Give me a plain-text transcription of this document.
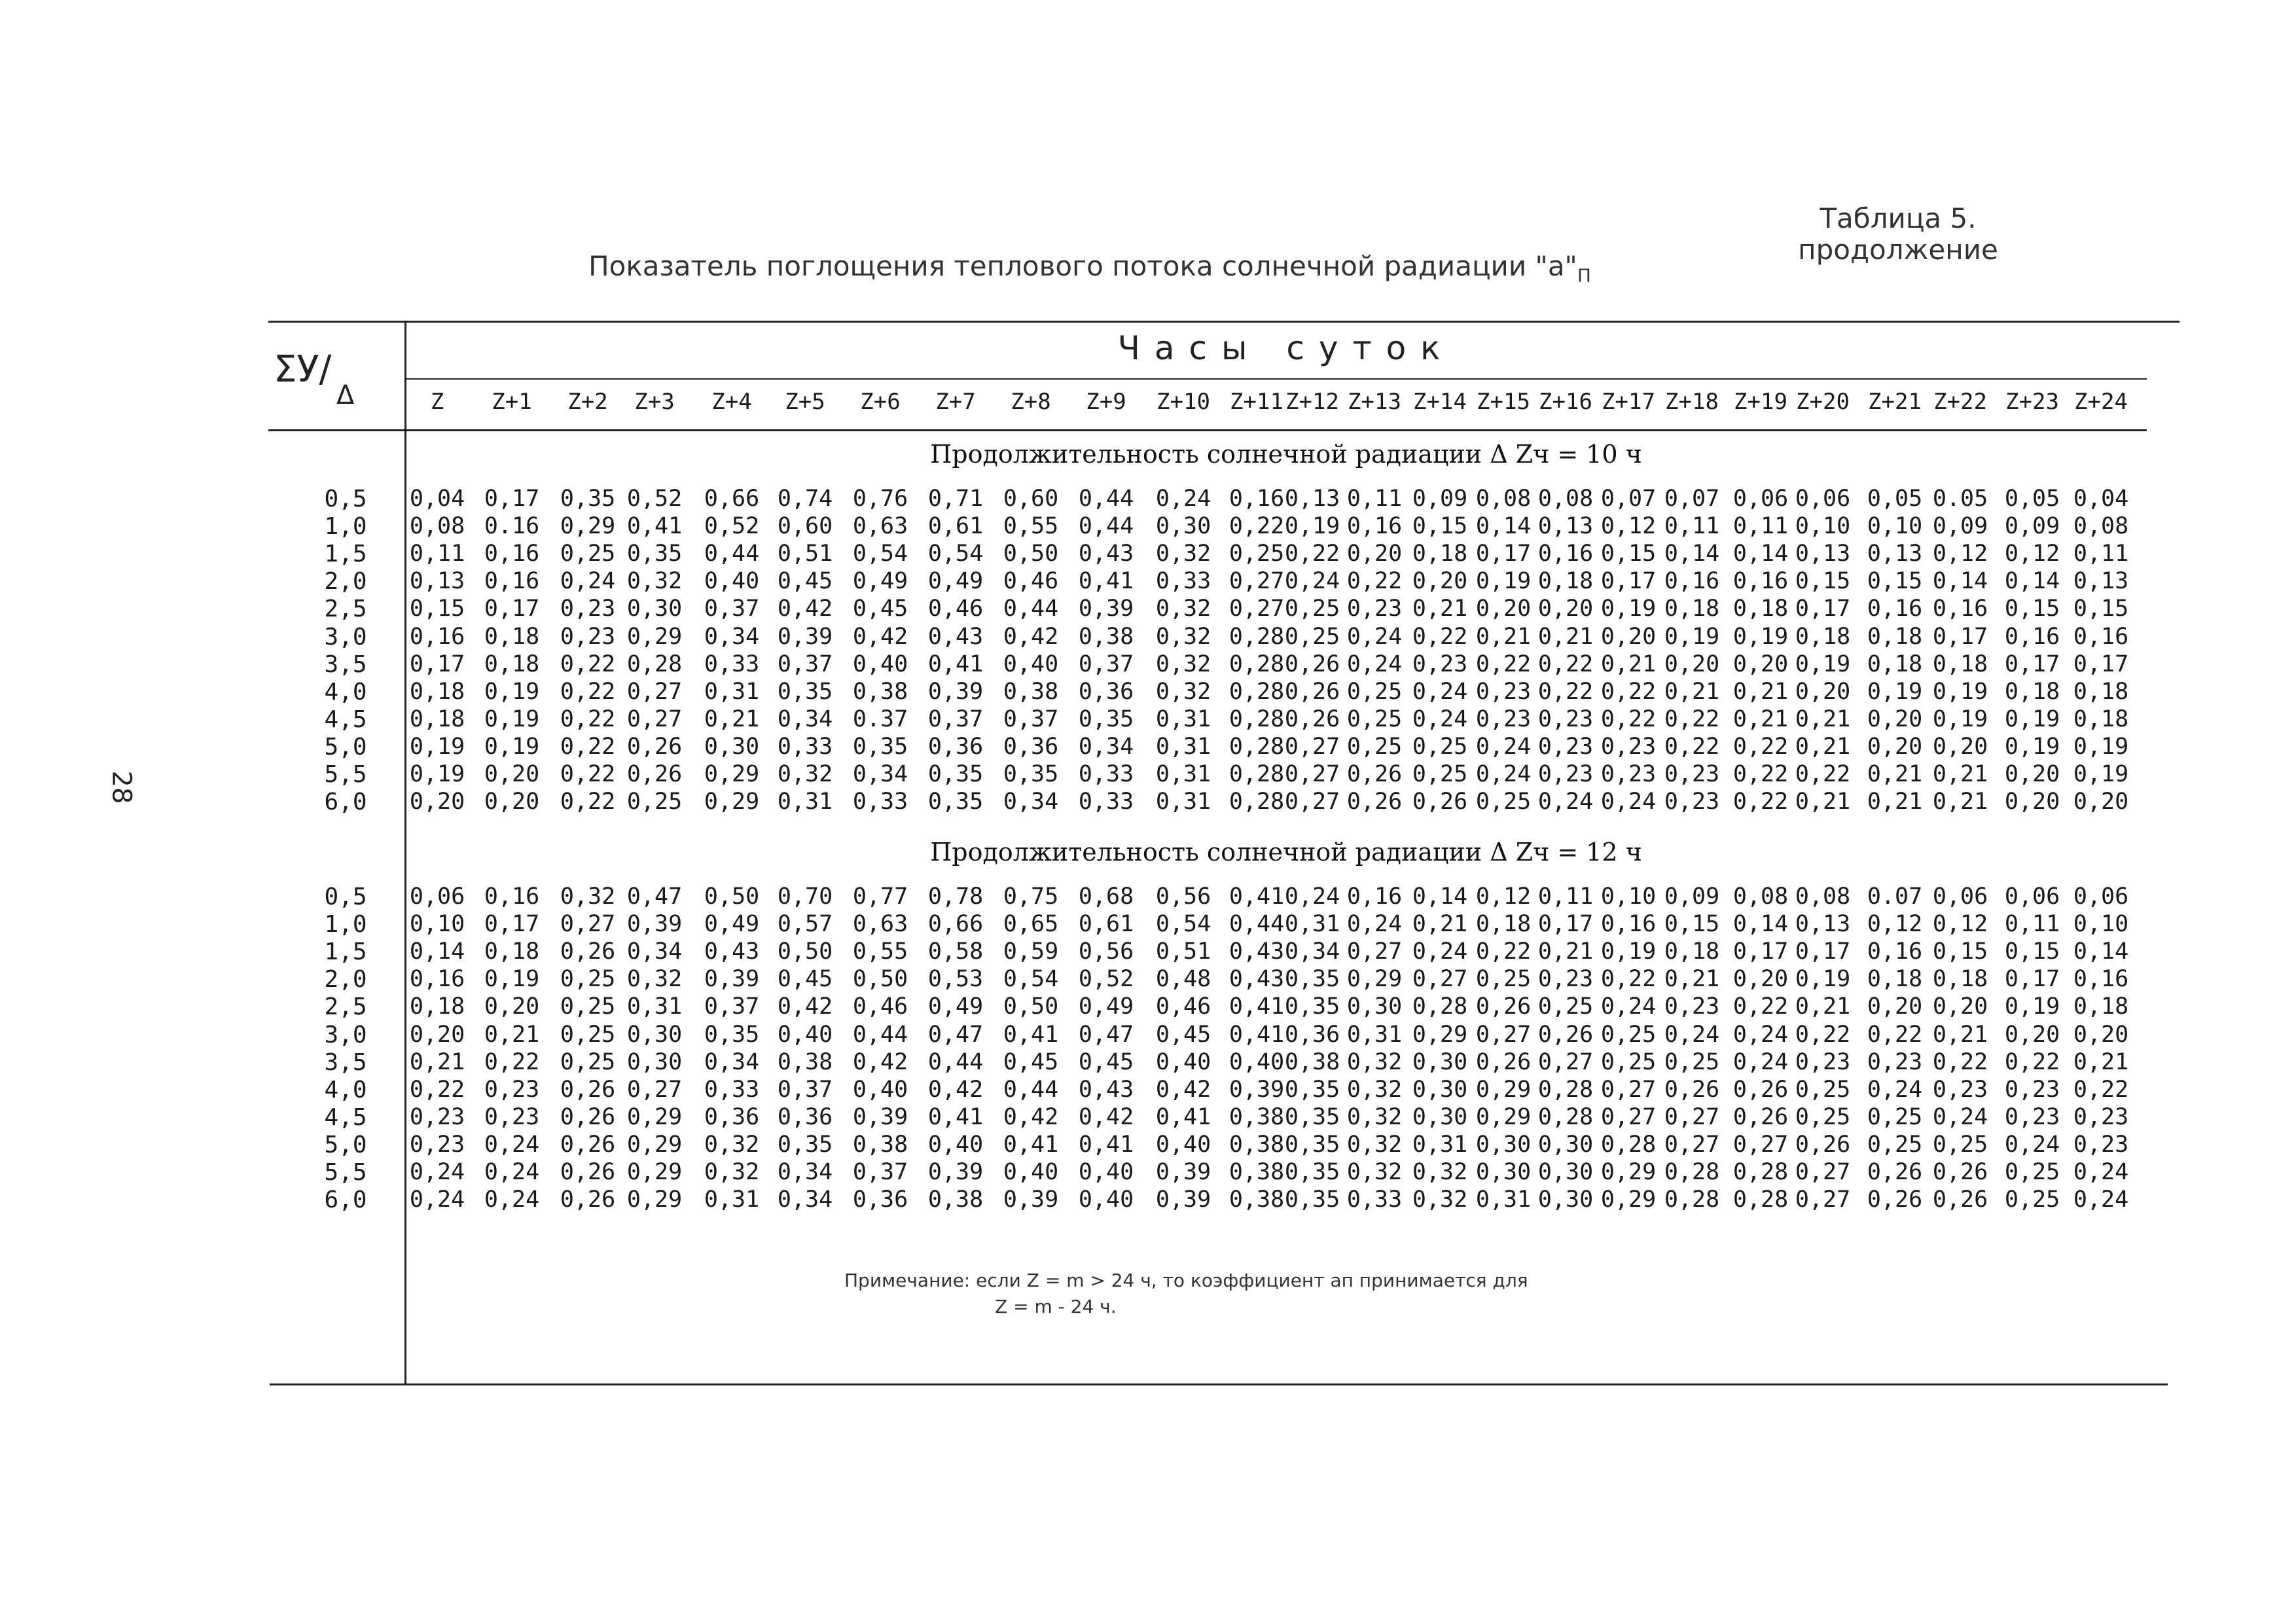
Таблица 5.
продолжение
Показатель поглощения теплового потока солнечной радиации "$а"_П$
28
ΣУ/
Δ
Часы суток
Z Z+1 Z+2 Z+3 Z+4 Z+5 Z+6 Z+7 Z+8 Z+9 Z+10 Z+11 Z+12 Z+13 Z+14 Z+15 Z+16 Z+17 Z+18 Z+19 Z+20 Z+21 Z+22 Z+23 Z+24
Продолжительность солнечной радиации Δ Zч = 10 ч
0,5	0,04 0,17 0,35 0,52 0,66 0,74 0,76 0,71 0,60 0,44 0,24 0,16 0,13 0,11 0,09 0,08 0,08 0,07 0,07 0,06 0,06 0,05 0.05 0,05 0,04
1,0	0,08 0.16 0,29 0,41 0,52 0,60 0,63 0,61 0,55 0,44 0,30 0,22 0,19 0,16 0,15 0,14 0,13 0,12 0,11 0,11 0,10 0,10 0,09 0,09 0,08
1,5	0,11 0,16 0,25 0,35 0,44 0,51 0,54 0,54 0,50 0,43 0,32 0,25 0,22 0,20 0,18 0,17 0,16 0,15 0,14 0,14 0,13 0,13 0,12 0,12 0,11
2,0	0,13 0,16 0,24 0,32 0,40 0,45 0,49 0,49 0,46 0,41 0,33 0,27 0,24 0,22 0,20 0,19 0,18 0,17 0,16 0,16 0,15 0,15 0,14 0,14 0,13
2,5	0,15 0,17 0,23 0,30 0,37 0,42 0,45 0,46 0,44 0,39 0,32 0,27 0,25 0,23 0,21 0,20 0,20 0,19 0,18 0,18 0,17 0,16 0,16 0,15 0,15
3,0	0,16 0,18 0,23 0,29 0,34 0,39 0,42 0,43 0,42 0,38 0,32 0,28 0,25 0,24 0,22 0,21 0,21 0,20 0,19 0,19 0,18 0,18 0,17 0,16 0,16
3,5	0,17 0,18 0,22 0,28 0,33 0,37 0,40 0,41 0,40 0,37 0,32 0,28 0,26 0,24 0,23 0,22 0,22 0,21 0,20 0,20 0,19 0,18 0,18 0,17 0,17
4,0	0,18 0,19 0,22 0,27 0,31 0,35 0,38 0,39 0,38 0,36 0,32 0,28 0,26 0,25 0,24 0,23 0,22 0,22 0,21 0,21 0,20 0,19 0,19 0,18 0,18
4,5	0,18 0,19 0,22 0,27 0,21 0,34 0.37 0,37 0,37 0,35 0,31 0,28 0,26 0,25 0,24 0,23 0,23 0,22 0,22 0,21 0,21 0,20 0,19 0,19 0,18
5,0	0,19 0,19 0,22 0,26 0,30 0,33 0,35 0,36 0,36 0,34 0,31 0,28 0,27 0,25 0,25 0,24 0,23 0,23 0,22 0,22 0,21 0,20 0,20 0,19 0,19
5,5	0,19 0,20 0,22 0,26 0,29 0,32 0,34 0,35 0,35 0,33 0,31 0,28 0,27 0,26 0,25 0,24 0,23 0,23 0,23 0,22 0,22 0,21 0,21 0,20 0,19
6,0	0,20 0,20 0,22 0,25 0,29 0,31 0,33 0,35 0,34 0,33 0,31 0,28 0,27 0,26 0,26 0,25 0,24 0,24 0,23 0,22 0,21 0,21 0,21 0,20 0,20
Продолжительность солнечной радиации Δ Zч = 12 ч
0,5	0,06 0,16 0,32 0,47 0,50 0,70 0,77 0,78 0,75 0,68 0,56 0,41 0,24 0,16 0,14 0,12 0,11 0,10 0,09 0,08 0,08 0.07 0,06 0,06 0,06
1,0	0,10 0,17 0,27 0,39 0,49 0,57 0,63 0,66 0,65 0,61 0,54 0,44 0,31 0,24 0,21 0,18 0,17 0,16 0,15 0,14 0,13 0,12 0,12 0,11 0,10
1,5	0,14 0,18 0,26 0,34 0,43 0,50 0,55 0,58 0,59 0,56 0,51 0,43 0,34 0,27 0,24 0,22 0,21 0,19 0,18 0,17 0,17 0,16 0,15 0,15 0,14
2,0	0,16 0,19 0,25 0,32 0,39 0,45 0,50 0,53 0,54 0,52 0,48 0,43 0,35 0,29 0,27 0,25 0,23 0,22 0,21 0,20 0,19 0,18 0,18 0,17 0,16
2,5	0,18 0,20 0,25 0,31 0,37 0,42 0,46 0,49 0,50 0,49 0,46 0,41 0,35 0,30 0,28 0,26 0,25 0,24 0,23 0,22 0,21 0,20 0,20 0,19 0,18
3,0	0,20 0,21 0,25 0,30 0,35 0,40 0,44 0,47 0,41 0,47 0,45 0,41 0,36 0,31 0,29 0,27 0,26 0,25 0,24 0,24 0,22 0,22 0,21 0,20 0,20
3,5	0,21 0,22 0,25 0,30 0,34 0,38 0,42 0,44 0,45 0,45 0,40 0,40 0,38 0,32 0,30 0,26 0,27 0,25 0,25 0,24 0,23 0,23 0,22 0,22 0,21
4,0	0,22 0,23 0,26 0,27 0,33 0,37 0,40 0,42 0,44 0,43 0,42 0,39 0,35 0,32 0,30 0,29 0,28 0,27 0,26 0,26 0,25 0,24 0,23 0,23 0,22
4,5	0,23 0,23 0,26 0,29 0,36 0,36 0,39 0,41 0,42 0,42 0,41 0,38 0,35 0,32 0,30 0,29 0,28 0,27 0,27 0,26 0,25 0,25 0,24 0,23 0,23
5,0	0,23 0,24 0,26 0,29 0,32 0,35 0,38 0,40 0,41 0,41 0,40 0,38 0,35 0,32 0,31 0,30 0,30 0,28 0,27 0,27 0,26 0,25 0,25 0,24 0,23
5,5	0,24 0,24 0,26 0,29 0,32 0,34 0,37 0,39 0,40 0,40 0,39 0,38 0,35 0,32 0,32 0,30 0,30 0,29 0,28 0,28 0,27 0,26 0,26 0,25 0,24
6,0	0,24 0,24 0,26 0,29 0,31 0,34 0,36 0,38 0,39 0,40 0,39 0,38 0,35 0,33 0,32 0,31 0,30 0,29 0,28 0,28 0,27 0,26 0,26 0,25 0,24
Примечание: если Z = m > 24 ч, то коэффициент ап принимается для
Z = m - 24 ч.
